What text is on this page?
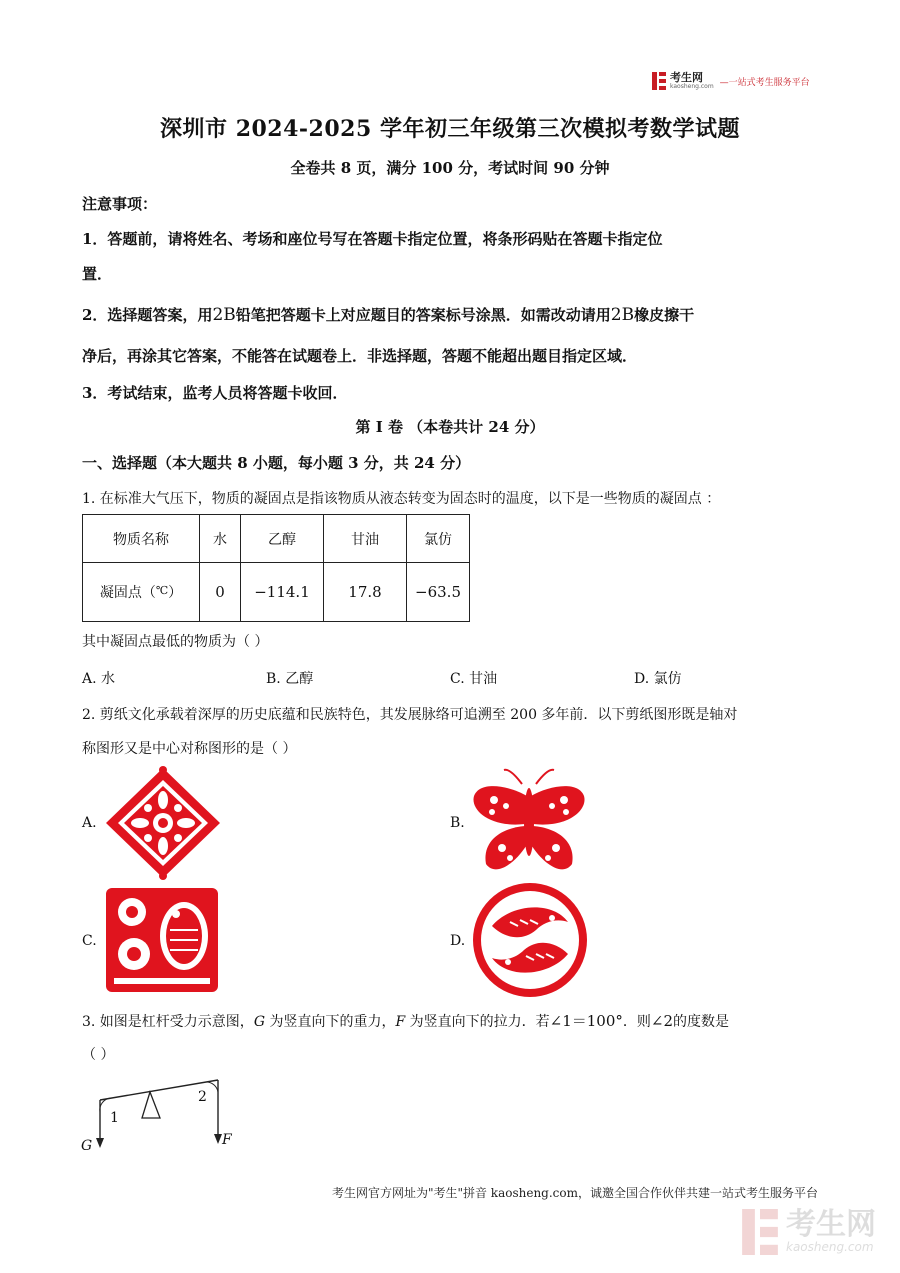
考生网
kaosheng.com —一站式考生服务平台
深圳市 2024-2025 学年初三年级第三次模拟考数学试题
全卷共 8 页，满分 100 分，考试时间 90 分钟
注意事项：
1．答题前，请将姓名、考场和座位号写在答题卡指定位置，将条形码贴在答题卡指定位
置．
2．选择题答案，用2B铅笔把答题卡上对应题目的答案标号涂黑．如需改动请用2B橡皮擦干
净后，再涂其它答案，不能答在试题卷上．非选择题，答题不能超出题目指定区域．
3．考试结束，监考人员将答题卡收回．
第 I 卷 （本卷共计 24 分）
一、选择题（本大题共 8 小题，每小题 3 分，共 24 分）
1. 在标准大气压下，物质的凝固点是指该物质从液态转变为固态时的温度，以下是一些物质的凝固点 ：
物质名称	水	乙醇	甘油	氯仿
凝固点（℃）	0	−114.1	17.8	−63.5
其中凝固点最低的物质为（ ）
A. 水	B. 乙醇	C. 甘油	D. 氯仿
2. 剪纸文化承载着深厚的历史底蕴和民族特色，其发展脉络可追溯至 200 多年前．以下剪纸图形既是轴对
称图形又是中心对称图形的是（ ）
A.	B.
C.	D.
3. 如图是杠杆受力示意图，G 为竖直向下的重力，F 为竖直向下的拉力．若∠1＝100°．则∠2的度数是
（ ）
1
2
G	F
考生网官方网址为"考生"拼音 kaosheng.com，诚邀全国合作伙伴共建一站式考生服务平台
考生网
kaosheng.com
